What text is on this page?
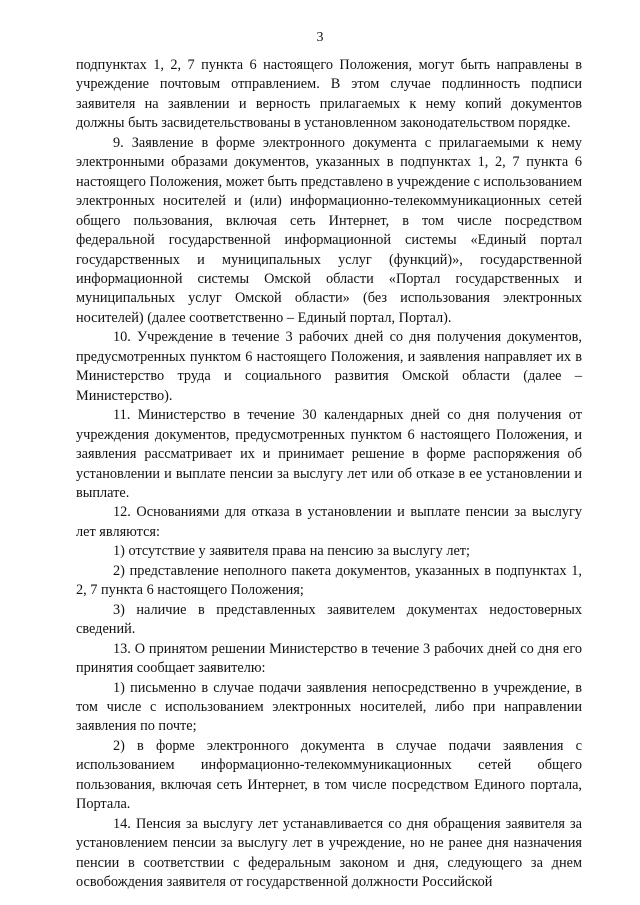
3

подпунктах 1, 2, 7 пункта 6 настоящего Положения, могут быть направлены в учреждение почтовым отправлением. В этом случае подлинность подписи заявителя на заявлении и верность прилагаемых к нему копий документов должны быть засвидетельствованы в установленном законодательством порядке.

9. Заявление в форме электронного документа с прилагаемыми к нему электронными образами документов, указанных в подпунктах 1, 2, 7 пункта 6 настоящего Положения, может быть представлено в учреждение с использованием электронных носителей и (или) информационно-телекоммуникационных сетей общего пользования, включая сеть Интернет, в том числе посредством федеральной государственной информационной системы «Единый портал государственных и муниципальных услуг (функций)», государственной информационной системы Омской области «Портал государственных и муниципальных услуг Омской области» (без использования электронных носителей) (далее соответственно – Единый портал, Портал).

10. Учреждение в течение 3 рабочих дней со дня получения документов, предусмотренных пунктом 6 настоящего Положения, и заявления направляет их в Министерство труда и социального развития Омской области (далее – Министерство).

11. Министерство в течение 30 календарных дней со дня получения от учреждения документов, предусмотренных пунктом 6 настоящего Положения, и заявления рассматривает их и принимает решение в форме распоряжения об установлении и выплате пенсии за выслугу лет или об отказе в ее установлении и выплате.

12. Основаниями для отказа в установлении и выплате пенсии за выслугу лет являются:

1) отсутствие у заявителя права на пенсию за выслугу лет;

2) представление неполного пакета документов, указанных в подпунктах 1, 2, 7 пункта 6 настоящего Положения;

3) наличие в представленных заявителем документах недостоверных сведений.

13. О принятом решении Министерство в течение 3 рабочих дней со дня его принятия сообщает заявителю:

1) письменно в случае подачи заявления непосредственно в учреждение, в том числе с использованием электронных носителей, либо при направлении заявления по почте;

2) в форме электронного документа в случае подачи заявления с использованием информационно-телекоммуникационных сетей общего пользования, включая сеть Интернет, в том числе посредством Единого портала, Портала.

14. Пенсия за выслугу лет устанавливается со дня обращения заявителя за установлением пенсии за выслугу лет в учреждение, но не ранее дня назначения пенсии в соответствии с федеральным законом и дня, следующего за днем освобождения заявителя от государственной должности Российской
